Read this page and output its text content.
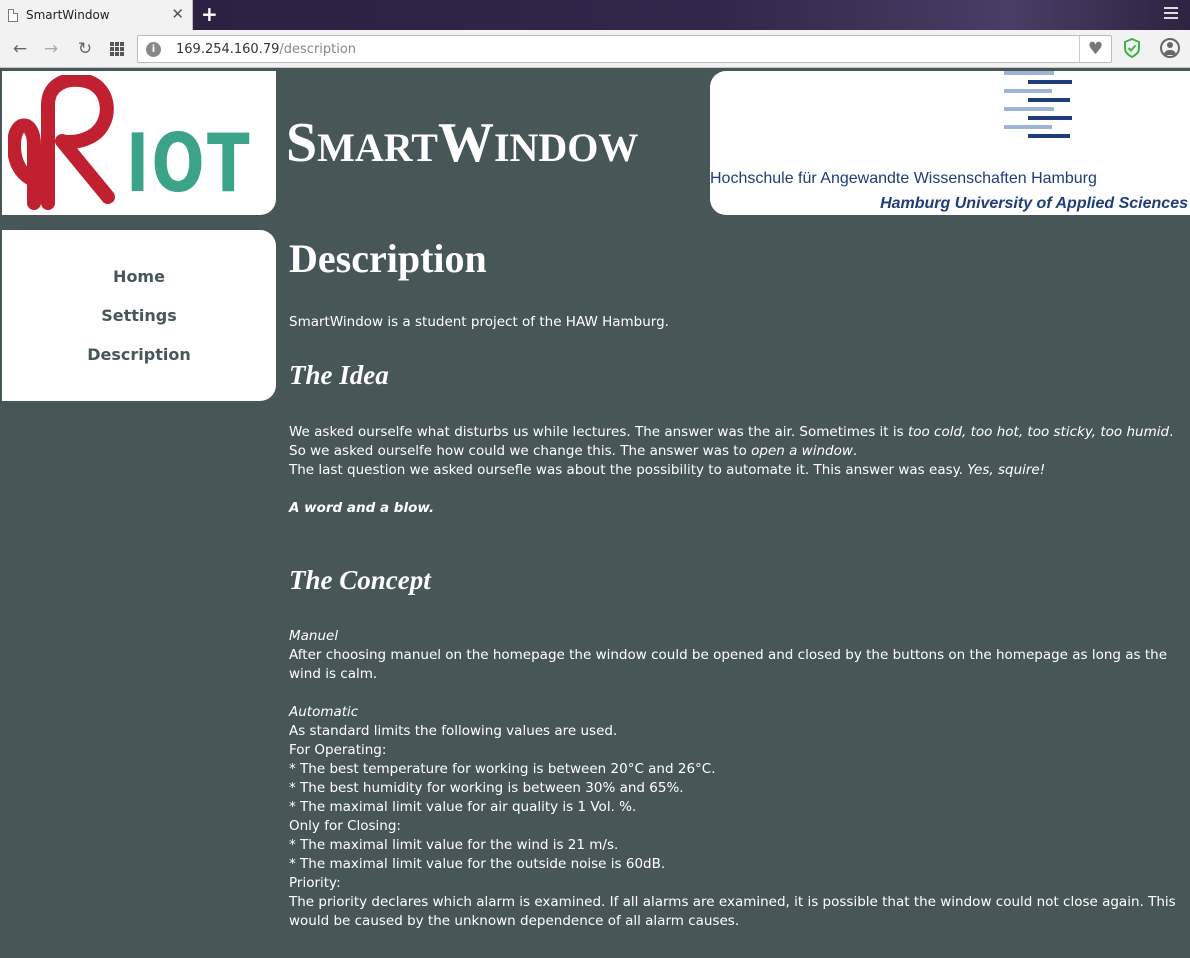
SmartWindow	✕ +
← → ↻	i	169.254.160.79/description	♥
IOT SMARTWINDOW
Hochschule für Angewandte Wissenschaften Hamburg
Hamburg University of Applied Sciences
Home
Settings
Description
Description
SmartWindow is a student project of the HAW Hamburg.
The Idea
We asked ourselfe what disturbs us while lectures. The answer was the air. Sometimes it is too cold, too hot, too sticky, too humid.
So we asked ourselfe how could we change this. The answer was to open a window.
The last question we asked oursefle was about the possibility to automate it. This answer was easy. Yes, squire!
A word and a blow.
The Concept
Manuel
After choosing manuel on the homepage the window could be opened and closed by the buttons on the homepage as long as the wind is calm.
Automatic
As standard limits the following values are used.
For Operating:
* The best temperature for working is between 20°C and 26°C.
* The best humidity for working is between 30% and 65%.
* The maximal limit value for air quality is 1 Vol. %.
Only for Closing:
* The maximal limit value for the wind is 21 m/s.
* The maximal limit value for the outside noise is 60dB.
Priority:
The priority declares which alarm is examined. If all alarms are examined, it is possible that the window could not close again. This would be caused by the unknown dependence of all alarm causes.
